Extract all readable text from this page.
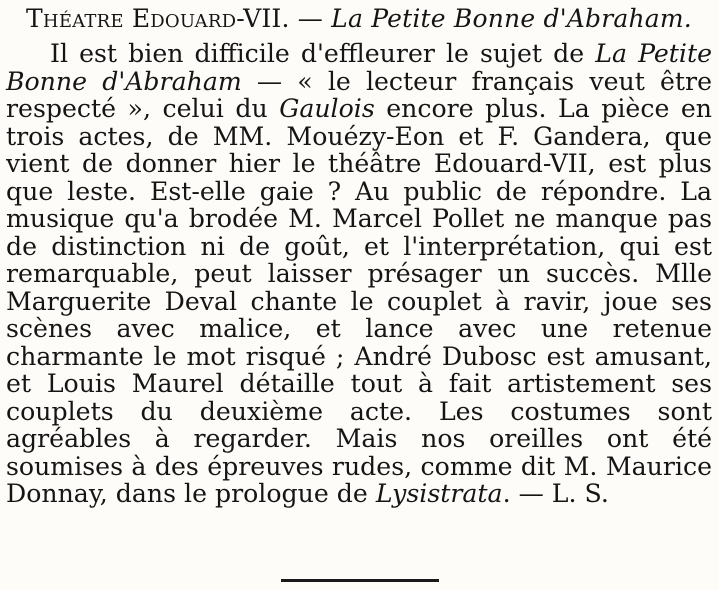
Théatre Edouard-VII. — La Petite Bonne d'Abraham.

Il est bien difficile d'effleurer le sujet de La Petite Bonne d'Abraham — « le lecteur français veut être respecté », celui du Gaulois encore plus. La pièce en trois actes, de MM. Mouézy-Eon et F. Gandera, que vient de donner hier le théâtre Edouard-VII, est plus que leste. Est-elle gaie ? Au public de répondre. La musique qu'a brodée M. Marcel Pollet ne manque pas de distinction ni de goût, et l'interprétation, qui est remarquable, peut laisser présager un succès. Mlle Marguerite Deval chante le couplet à ravir, joue ses scènes avec malice, et lance avec une retenue charmante le mot risqué ; André Dubosc est amusant, et Louis Maurel détaille tout à fait artistement ses couplets du deuxième acte. Les costumes sont agréables à regarder. Mais nos oreilles ont été soumises à des épreuves rudes, comme dit M. Maurice Donnay, dans le prologue de Lysistrata. — L. S.
